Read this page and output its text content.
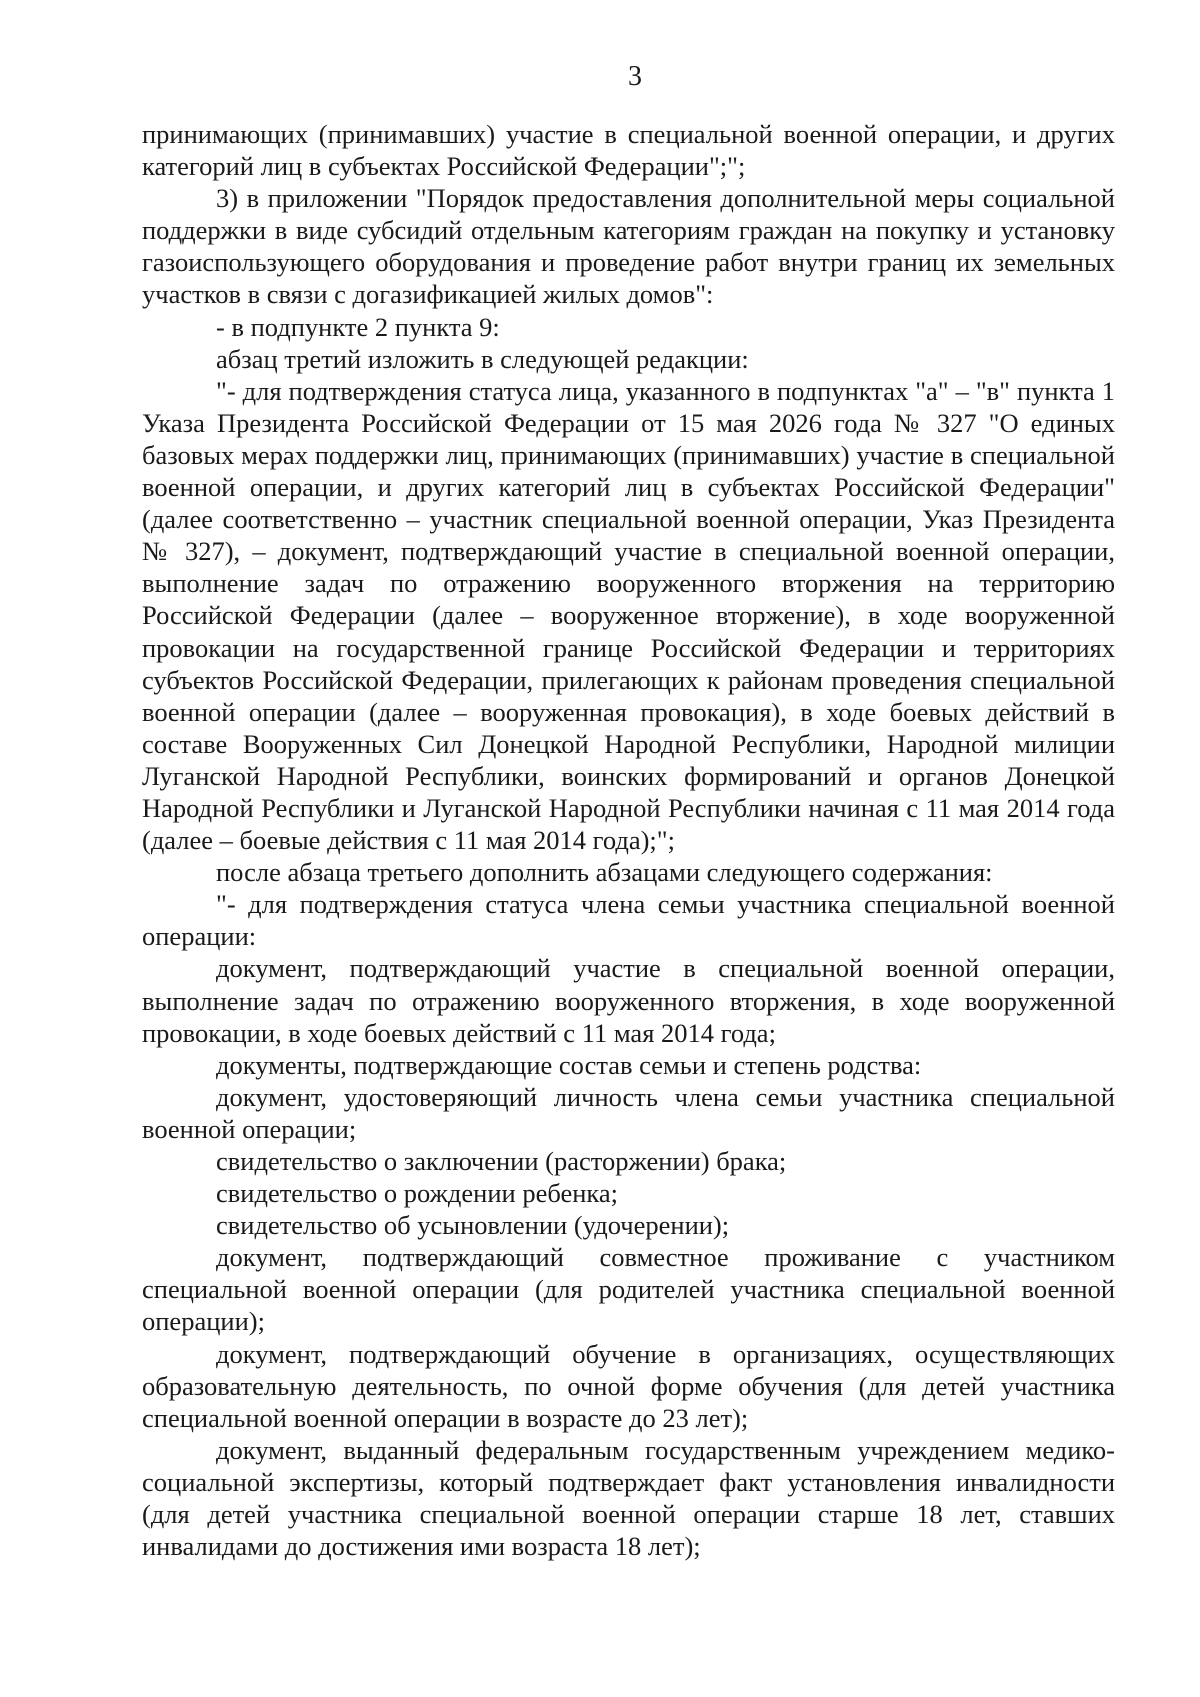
3

принимающих (принимавших) участие в специальной военной операции, и других категорий лиц в субъектах Российской Федерации";";

3) в приложении "Порядок предоставления дополнительной меры социальной поддержки в виде субсидий отдельным категориям граждан на покупку и установку газоиспользующего оборудования и проведение работ внутри границ их земельных участков в связи с догазификацией жилых домов":

- в подпункте 2 пункта 9:

абзац третий изложить в следующей редакции:

"- для подтверждения статуса лица, указанного в подпунктах "а" – "в" пункта 1 Указа Президента Российской Федерации от 15 мая 2026 года № 327 "О единых базовых мерах поддержки лиц, принимающих (принимавших) участие в специальной военной операции, и других категорий лиц в субъектах Российской Федерации" (далее соответственно – участник специальной военной операции, Указ Президента № 327), – документ, подтверждающий участие в специальной военной операции, выполнение задач по отражению вооруженного вторжения на территорию Российской Федерации (далее – вооруженное вторжение), в ходе вооруженной провокации на государственной границе Российской Федерации и территориях субъектов Российской Федерации, прилегающих к районам проведения специальной военной операции (далее – вооруженная провокация), в ходе боевых действий в составе Вооруженных Сил Донецкой Народной Республики, Народной милиции Луганской Народной Республики, воинских формирований и органов Донецкой Народной Республики и Луганской Народной Республики начиная с 11 мая 2014 года (далее – боевые действия с 11 мая 2014 года);";

после абзаца третьего дополнить абзацами следующего содержания:

"- для подтверждения статуса члена семьи участника специальной военной операции:

документ, подтверждающий участие в специальной военной операции, выполнение задач по отражению вооруженного вторжения, в ходе вооруженной провокации, в ходе боевых действий с 11 мая 2014 года;

документы, подтверждающие состав семьи и степень родства:

документ, удостоверяющий личность члена семьи участника специальной военной операции;

свидетельство о заключении (расторжении) брака;

свидетельство о рождении ребенка;

свидетельство об усыновлении (удочерении);

документ, подтверждающий совместное проживание с участником специальной военной операции (для родителей участника специальной военной операции);

документ, подтверждающий обучение в организациях, осуществляющих образовательную деятельность, по очной форме обучения (для детей участника специальной военной операции в возрасте до 23 лет);

документ, выданный федеральным государственным учреждением медико-социальной экспертизы, который подтверждает факт установления инвалидности (для детей участника специальной военной операции старше 18 лет, ставших инвалидами до достижения ими возраста 18 лет);
